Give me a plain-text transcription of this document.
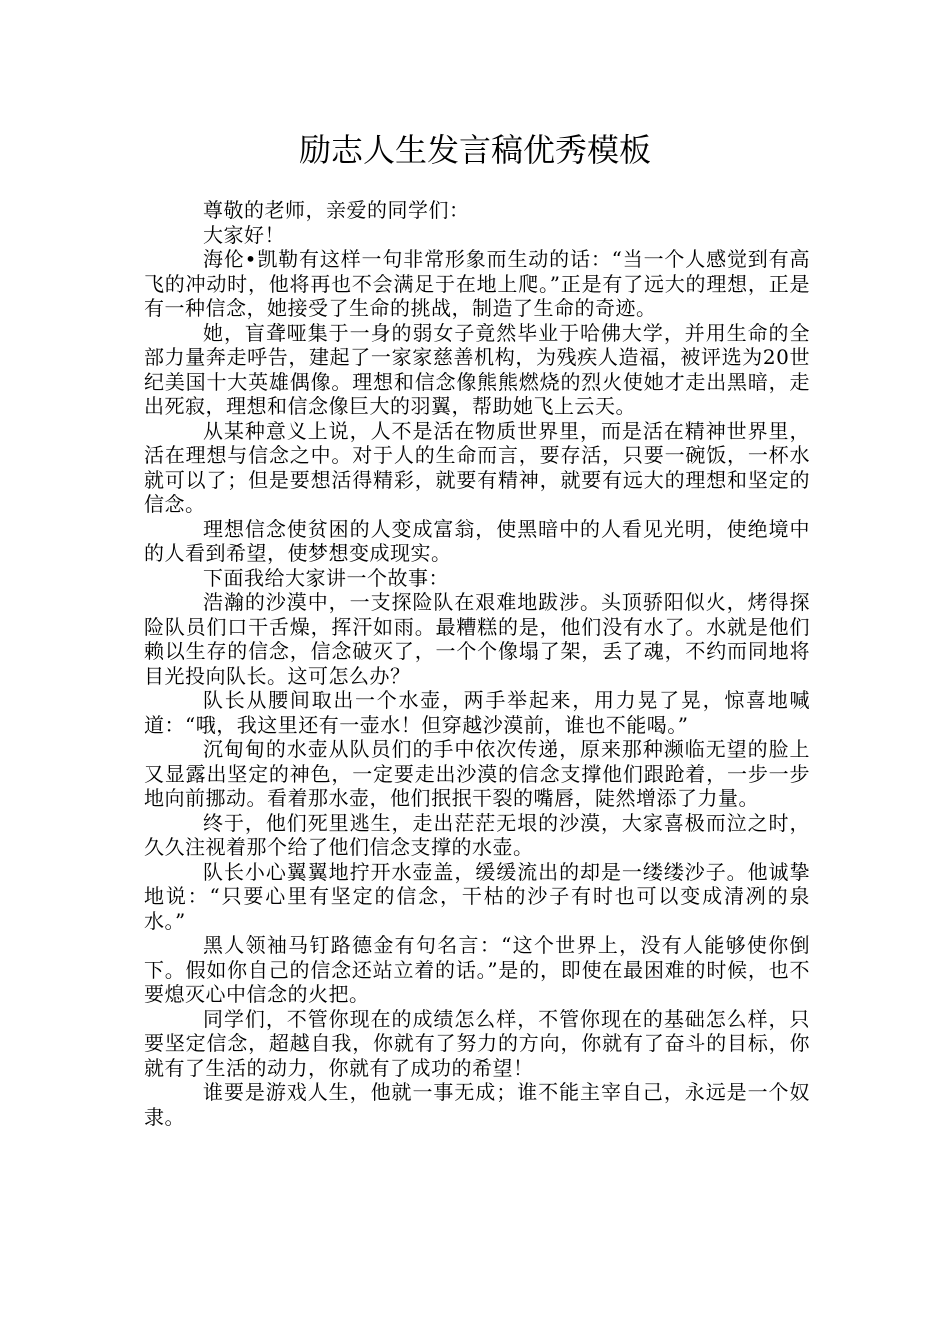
励志人生发言稿优秀模板

尊敬的老师，亲爱的同学们：

大家好！

海伦•凯勒有这样一句非常形象而生动的话：“当一个人感觉到有高飞的冲动时，他将再也不会满足于在地上爬。”正是有了远大的理想，正是有一种信念，她接受了生命的挑战，制造了生命的奇迹。

她，盲聋哑集于一身的弱女子竟然毕业于哈佛大学，并用生命的全部力量奔走呼告，建起了一家家慈善机构，为残疾人造福，被评选为20世纪美国十大英雄偶像。理想和信念像熊熊燃烧的烈火使她才走出黑暗，走出死寂，理想和信念像巨大的羽翼，帮助她飞上云天。

从某种意义上说，人不是活在物质世界里，而是活在精神世界里，活在理想与信念之中。对于人的生命而言，要存活，只要一碗饭，一杯水就可以了；但是要想活得精彩，就要有精神，就要有远大的理想和坚定的信念。

理想信念使贫困的人变成富翁，使黑暗中的人看见光明，使绝境中的人看到希望，使梦想变成现实。

下面我给大家讲一个故事：

浩瀚的沙漠中，一支探险队在艰难地跋涉。头顶骄阳似火，烤得探险队员们口干舌燥，挥汗如雨。最糟糕的是，他们没有水了。水就是他们赖以生存的信念，信念破灭了，一个个像塌了架，丢了魂，不约而同地将目光投向队长。这可怎么办？

队长从腰间取出一个水壶，两手举起来，用力晃了晃，惊喜地喊道：“哦，我这里还有一壶水！但穿越沙漠前，谁也不能喝。”

沉甸甸的水壶从队员们的手中依次传递，原来那种濒临无望的脸上又显露出坚定的神色，一定要走出沙漠的信念支撑他们跟跄着，一步一步地向前挪动。看着那水壶，他们抿抿干裂的嘴唇，陡然增添了力量。

终于，他们死里逃生，走出茫茫无垠的沙漠，大家喜极而泣之时，久久注视着那个给了他们信念支撑的水壶。

队长小心翼翼地拧开水壶盖，缓缓流出的却是一缕缕沙子。他诚挚地说：“只要心里有坚定的信念，干枯的沙子有时也可以变成清冽的泉水。”

黑人领袖马钉路德金有句名言：“这个世界上，没有人能够使你倒下。假如你自己的信念还站立着的话。”是的，即使在最困难的时候，也不要熄灭心中信念的火把。

同学们，不管你现在的成绩怎么样，不管你现在的基础怎么样，只要坚定信念，超越自我，你就有了努力的方向，你就有了奋斗的目标，你就有了生活的动力，你就有了成功的希望！

谁要是游戏人生，他就一事无成；谁不能主宰自己，永远是一个奴隶。
